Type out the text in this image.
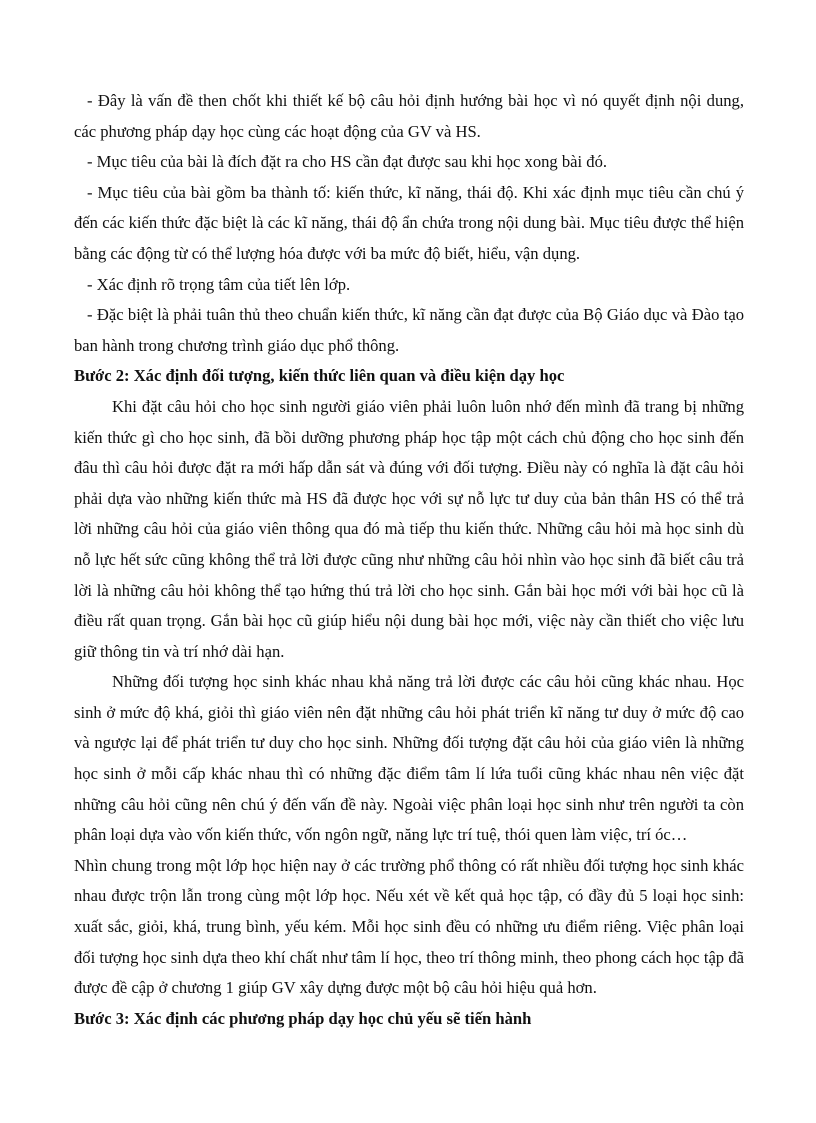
- Đây là vấn đề then chốt khi thiết kế bộ câu hỏi định hướng bài học vì nó quyết định nội dung, các phương pháp dạy học cùng các hoạt động của GV và HS.

- Mục tiêu của bài là đích đặt ra cho HS cần đạt được sau khi học xong bài đó.

- Mục tiêu của bài gồm ba thành tố: kiến thức, kĩ năng, thái độ. Khi xác định mục tiêu cần chú ý đến các kiến thức đặc biệt là các kĩ năng, thái độ ẩn chứa trong nội dung bài. Mục tiêu được thể hiện bằng các động từ có thể lượng hóa được với ba mức độ biết, hiểu, vận dụng.

- Xác định rõ trọng tâm của tiết lên lớp.

- Đặc biệt là phải tuân thủ theo chuẩn kiến thức, kĩ năng cần đạt được của Bộ Giáo dục và Đào tạo ban hành trong chương trình giáo dục phổ thông.

Bước 2: Xác định đối tượng, kiến thức liên quan và điều kiện dạy học

Khi đặt câu hỏi cho học sinh người giáo viên phải luôn luôn nhớ đến mình đã trang bị những kiến thức gì cho học sinh, đã bồi dưỡng phương pháp học tập một cách chủ động cho học sinh đến đâu thì câu hỏi được đặt ra mới hấp dẫn sát và đúng với đối tượng. Điều này có nghĩa là đặt câu hỏi phải dựa vào những kiến thức mà HS đã được học với sự nỗ lực tư duy của bản thân HS có thể trả lời những câu hỏi của giáo viên thông qua đó mà tiếp thu kiến thức. Những câu hỏi mà học sinh dù nỗ lực hết sức cũng không thể trả lời được cũng như những câu hỏi nhìn vào học sinh đã biết câu trả lời là những câu hỏi không thể tạo hứng thú trả lời cho học sinh. Gắn bài học mới với bài học cũ là điều rất quan trọng. Gắn bài học cũ giúp hiểu nội dung bài học mới, việc này cần thiết cho việc lưu giữ thông tin và trí nhớ dài hạn.

Những đối tượng học sinh khác nhau khả năng trả lời được các câu hỏi cũng khác nhau. Học sinh ở mức độ khá, giỏi thì giáo viên nên đặt những câu hỏi phát triển kĩ năng tư duy ở mức độ cao và ngược lại để phát triển tư duy cho học sinh. Những đối tượng đặt câu hỏi của giáo viên là những học sinh ở mỗi cấp khác nhau thì có những đặc điểm tâm lí lứa tuổi cũng khác nhau nên việc đặt những câu hỏi cũng nên chú ý đến vấn đề này. Ngoài việc phân loại học sinh như trên người ta còn phân loại dựa vào vốn kiến thức, vốn ngôn ngữ, năng lực trí tuệ, thói quen làm việc, trí óc…

Nhìn chung trong một lớp học hiện nay ở các trường phổ thông có rất nhiều đối tượng học sinh khác nhau được trộn lẫn trong cùng một lớp học. Nếu xét về kết quả học tập, có đầy đủ 5 loại học sinh: xuất sắc, giỏi, khá, trung bình, yếu kém. Mỗi học sinh đều có những ưu điểm riêng. Việc phân loại đối tượng học sinh dựa theo khí chất như tâm lí học, theo trí thông minh, theo phong cách học tập đã được đề cập ở chương 1 giúp GV xây dựng được một bộ câu hỏi hiệu quả hơn.

Bước 3: Xác định các phương pháp dạy học chủ yếu sẽ tiến hành
